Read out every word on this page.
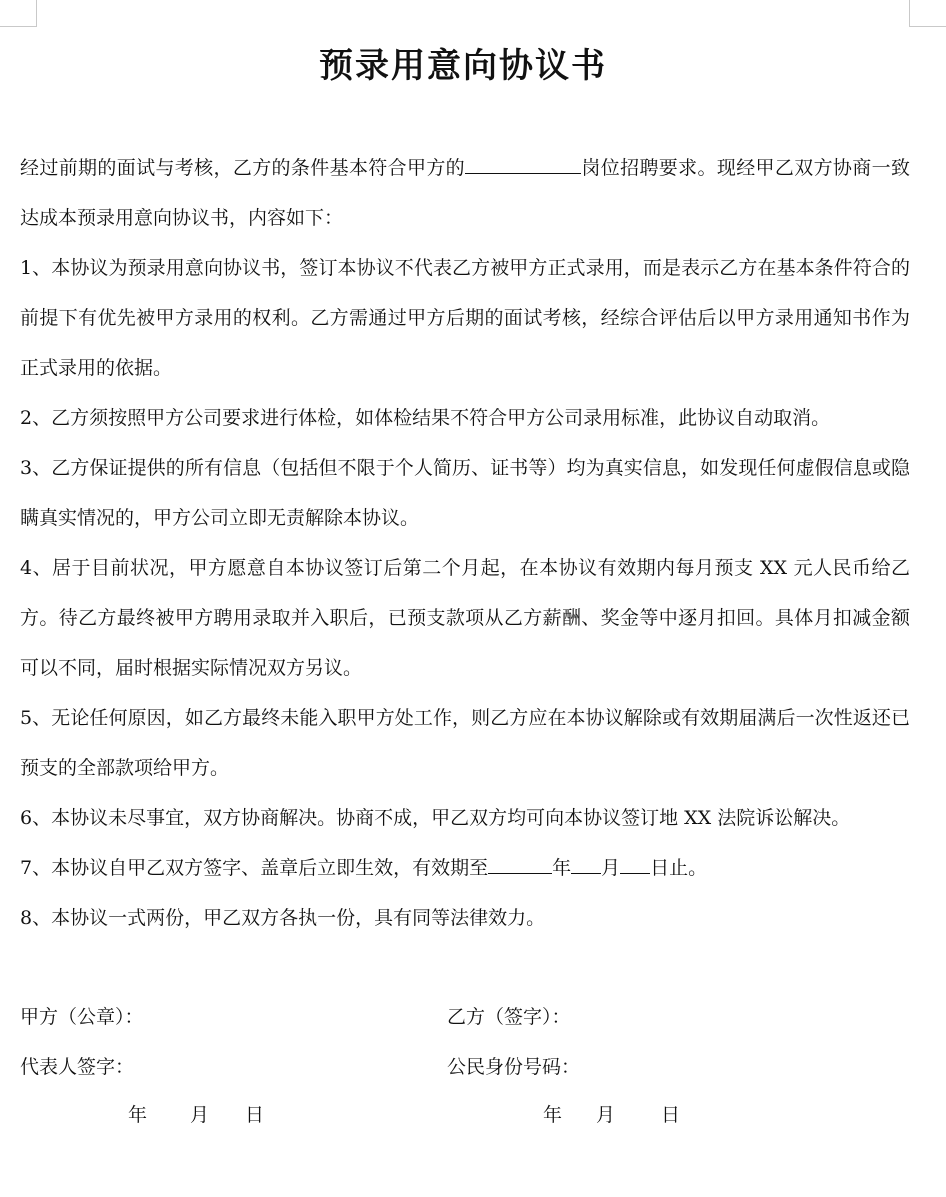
预录用意向协议书

经过前期的面试与考核，乙方的条件基本符合甲方的	岗位招聘要求。现经甲乙双方协商一致达成本预录用意向协议书，内容如下：

1、本协议为预录用意向协议书，签订本协议不代表乙方被甲方正式录用，而是表示乙方在基本条件符合的前提下有优先被甲方录用的权利。乙方需通过甲方后期的面试考核，经综合评估后以甲方录用通知书作为正式录用的依据。

2、乙方须按照甲方公司要求进行体检，如体检结果不符合甲方公司录用标准，此协议自动取消。

3、乙方保证提供的所有信息（包括但不限于个人简历、证书等）均为真实信息，如发现任何虚假信息或隐瞒真实情况的，甲方公司立即无责解除本协议。

4、居于目前状况，甲方愿意自本协议签订后第二个月起，在本协议有效期内每月预支 XX 元人民币给乙方。待乙方最终被甲方聘用录取并入职后，已预支款项从乙方薪酬、奖金等中逐月扣回。具体月扣减金额可以不同，届时根据实际情况双方另议。

5、无论任何原因，如乙方最终未能入职甲方处工作，则乙方应在本协议解除或有效期届满后一次性返还已预支的全部款项给甲方。

6、本协议未尽事宜，双方协商解决。协商不成，甲乙双方均可向本协议签订地 XX 法院诉讼解决。

7、本协议自甲乙双方签字、盖章后立即生效，有效期至	年 月 日止。

8、本协议一式两份，甲乙双方各执一份，具有同等法律效力。

甲方（公章）：	乙方（签字）：
代表人签字：	公民身份号码：
年 月 日	年 月 日
